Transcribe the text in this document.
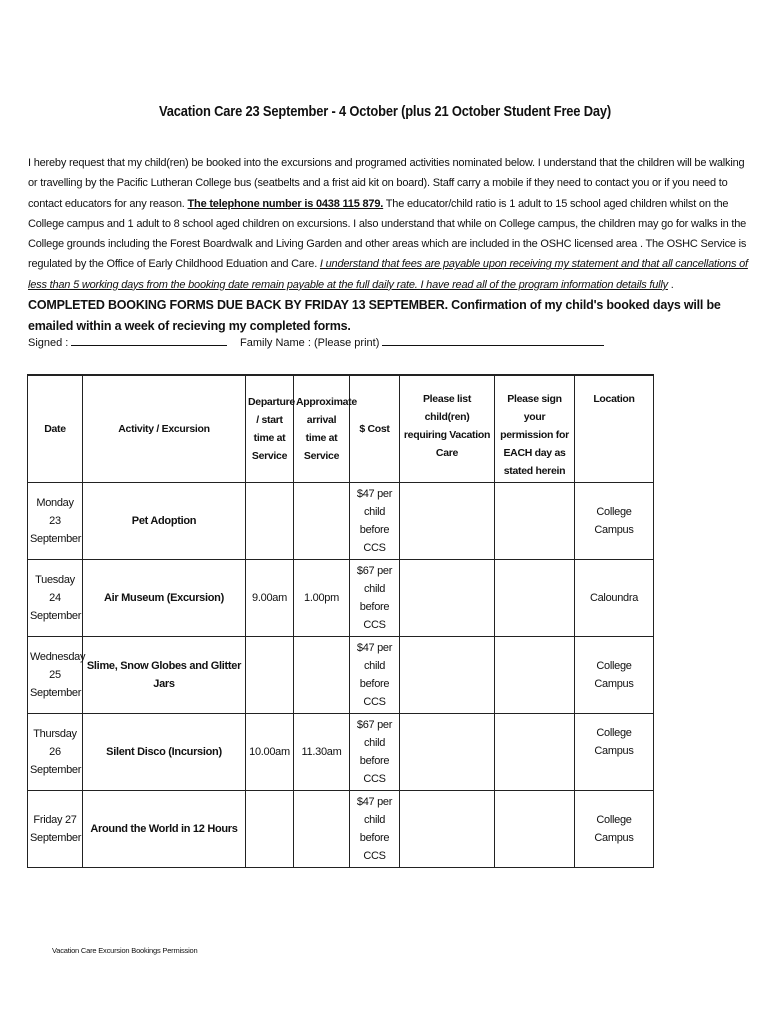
Vacation Care 23 September - 4 October (plus 21 October Student Free Day)
I hereby request that my child(ren) be booked into the excursions and programed activities nominated below. I understand that the children will be walking or travelling by the Pacific Lutheran College bus (seatbelts and a frist aid kit on board). Staff carry a mobile if they need to contact you or if you need to contact educators for any reason. The telephone number is 0438 115 879. The educator/child ratio is 1 adult to 15 school aged children whilst on the College campus and 1 adult to 8 school aged children on excursions. I also understand that while on College campus, the children may go for walks in the College grounds including the Forest Boardwalk and Living Garden and other areas which are included in the OSHC licensed area . The OSHC Service is regulated by the Office of Early Childhood Eduation and Care. I understand that fees are payable upon receiving my statement and that all cancellations of less than 5 working days from the booking date remain payable at the full daily rate. I have read all of the program information details fully . COMPLETED BOOKING FORMS DUE BACK BY FRIDAY 13 SEPTEMBER. Confirmation of my child's booked days will be emailed within a week of recieving my completed forms.
Signed :	Family Name : (Please print)
Date	Activity / Excursion	Departure / start time at Service	Approximate arrival time at Service	$ Cost	Please list child(ren) requiring Vacation Care	Please sign your permission for EACH day as stated herein	Location
Monday 23 September	Pet Adoption			$47 per child before CCS			College Campus
Tuesday 24 September	Air Museum (Excursion)	9.00am	1.00pm	$67 per child before CCS			Caloundra
Wednesday 25 September	Slime, Snow Globes and Glitter Jars			$47 per child before CCS			College Campus
Thursday 26 September	Silent Disco (Incursion)	10.00am	11.30am	$67 per child before CCS			College Campus
Friday 27 September	Around the World in 12 Hours			$47 per child before CCS			College Campus
Vacation Care Excursion Bookings Permission
